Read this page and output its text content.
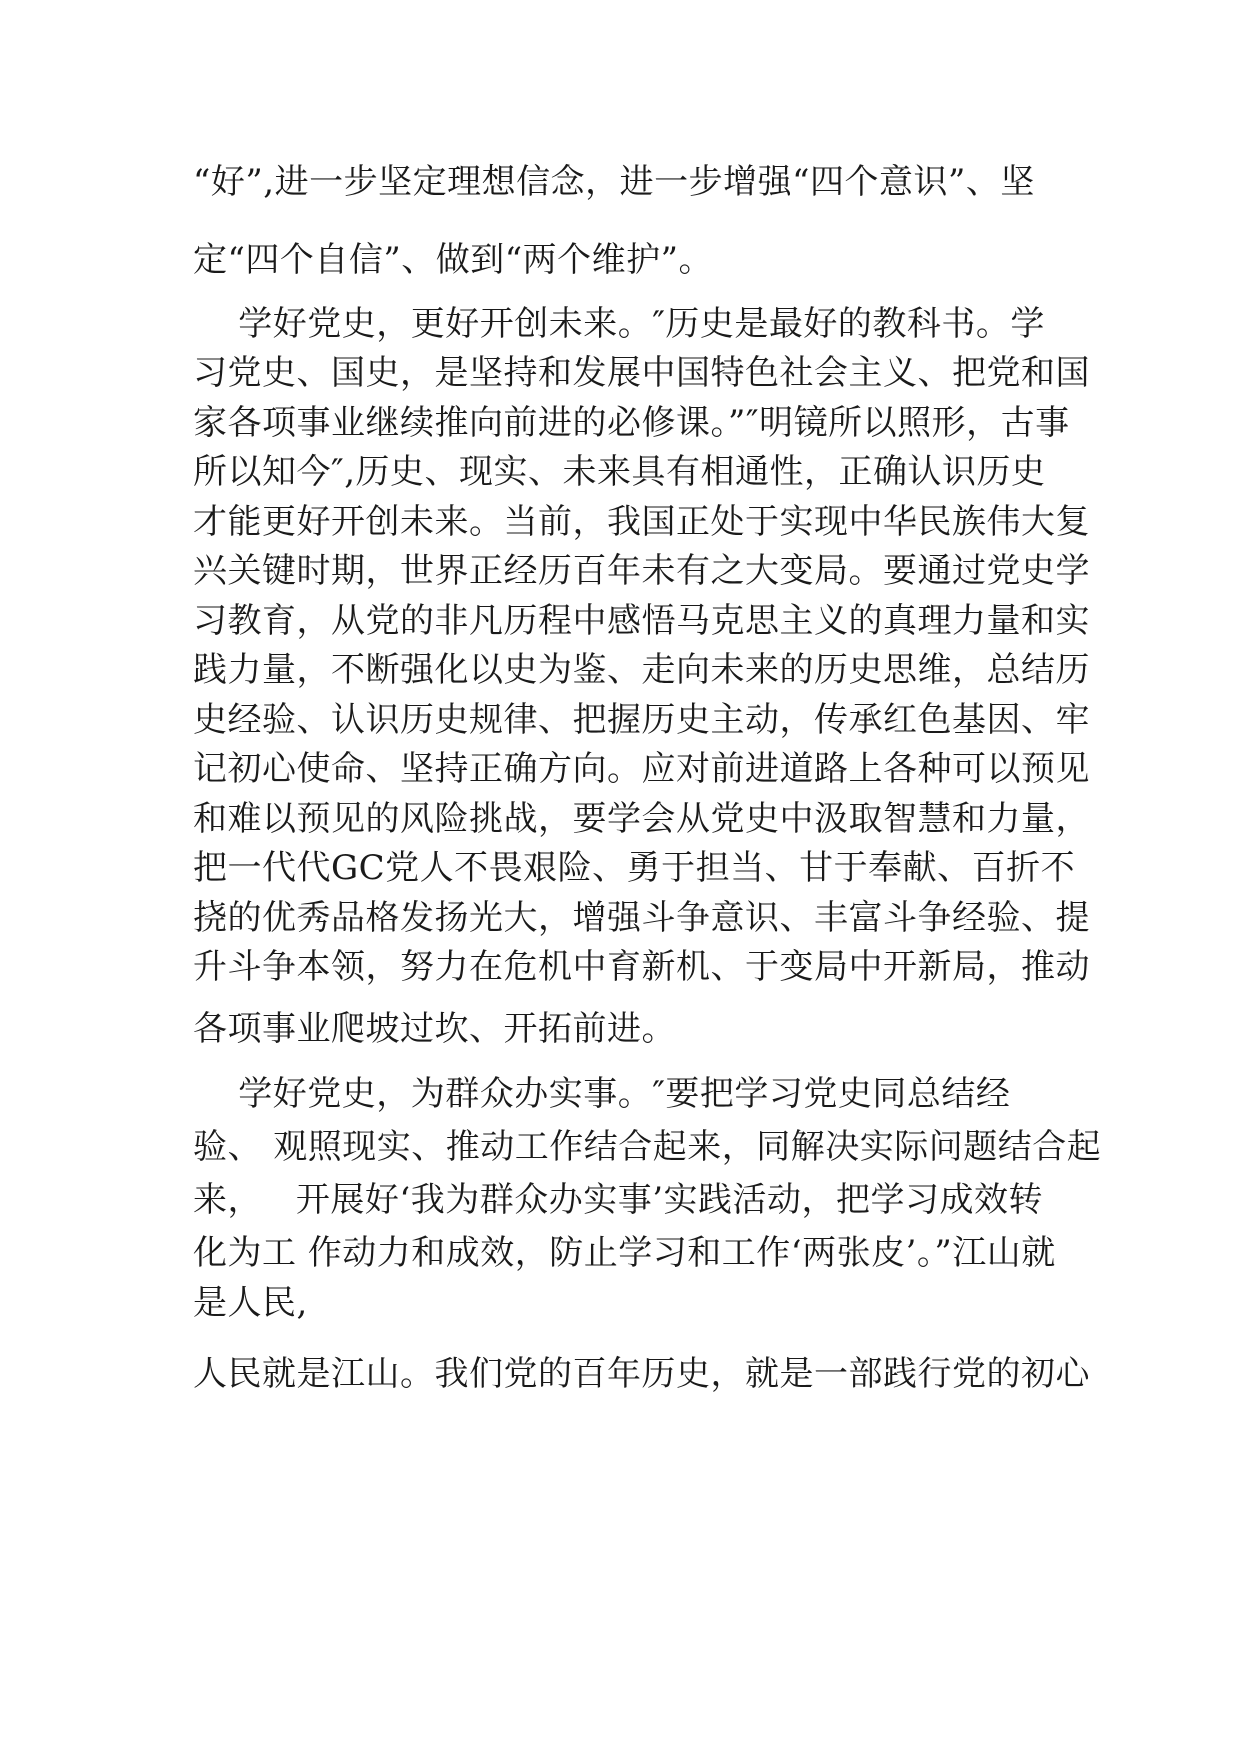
“好”,进一步坚定理想信念，进一步增强“四个意识”、坚
定“四个自信”、做到“两个维护”。
学好党史，更好开创未来。″历史是最好的教科书。学
习党史、国史，是坚持和发展中国特色社会主义、把党和国
家各项事业继续推向前进的必修课。”″明镜所以照形，古事
所以知今″,历史、现实、未来具有相通性，正确认识历史
才能更好开创未来。当前，我国正处于实现中华民族伟大复
兴关键时期，世界正经历百年未有之大变局。要通过党史学
习教育，从党的非凡历程中感悟马克思主义的真理力量和实
践力量，不断强化以史为鉴、走向未来的历史思维，总结历
史经验、认识历史规律、把握历史主动，传承红色基因、牢
记初心使命、坚持正确方向。应对前进道路上各种可以预见
和难以预见的风险挑战，要学会从党史中汲取智慧和力量，
把一代代GC党人不畏艰险、勇于担当、甘于奉献、百折不
挠的优秀品格发扬光大，增强斗争意识、丰富斗争经验、提
升斗争本领，努力在危机中育新机、于变局中开新局，推动
各项事业爬坡过坎、开拓前进。
学好党史，为群众办实事。″要把学习党史同总结经
验、 观照现实、推动工作结合起来，同解决实际问题结合起
来，   开展好‘我为群众办实事’实践活动，把学习成效转
化为工 作动力和成效，防止学习和工作‘两张皮’。”江山就
是人民,
人民就是江山。我们党的百年历史，就是一部践行党的初心
